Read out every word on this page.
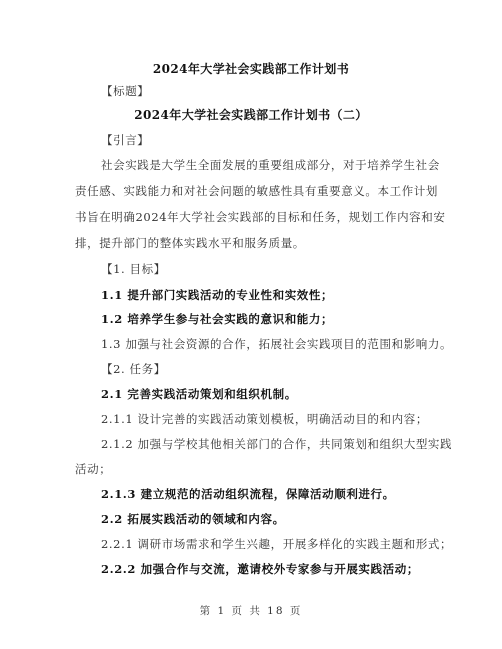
2024年大学社会实践部工作计划书
【标题】
2024年大学社会实践部工作计划书（二）
【引言】
社会实践是大学生全面发展的重要组成部分，对于培养学生社会
责任感、实践能力和对社会问题的敏感性具有重要意义。本工作计划
书旨在明确2024年大学社会实践部的目标和任务，规划工作内容和安
排，提升部门的整体实践水平和服务质量。
【1. 目标】
1.1 提升部门实践活动的专业性和实效性；
1.2 培养学生参与社会实践的意识和能力；
1.3 加强与社会资源的合作，拓展社会实践项目的范围和影响力。
【2. 任务】
2.1 完善实践活动策划和组织机制。
2.1.1 设计完善的实践活动策划模板，明确活动目的和内容；
2.1.2 加强与学校其他相关部门的合作，共同策划和组织大型实践
活动；
2.1.3 建立规范的活动组织流程，保障活动顺利进行。
2.2 拓展实践活动的领域和内容。
2.2.1 调研市场需求和学生兴趣，开展多样化的实践主题和形式；
2.2.2 加强合作与交流，邀请校外专家参与开展实践活动；
第 1 页 共 18 页
